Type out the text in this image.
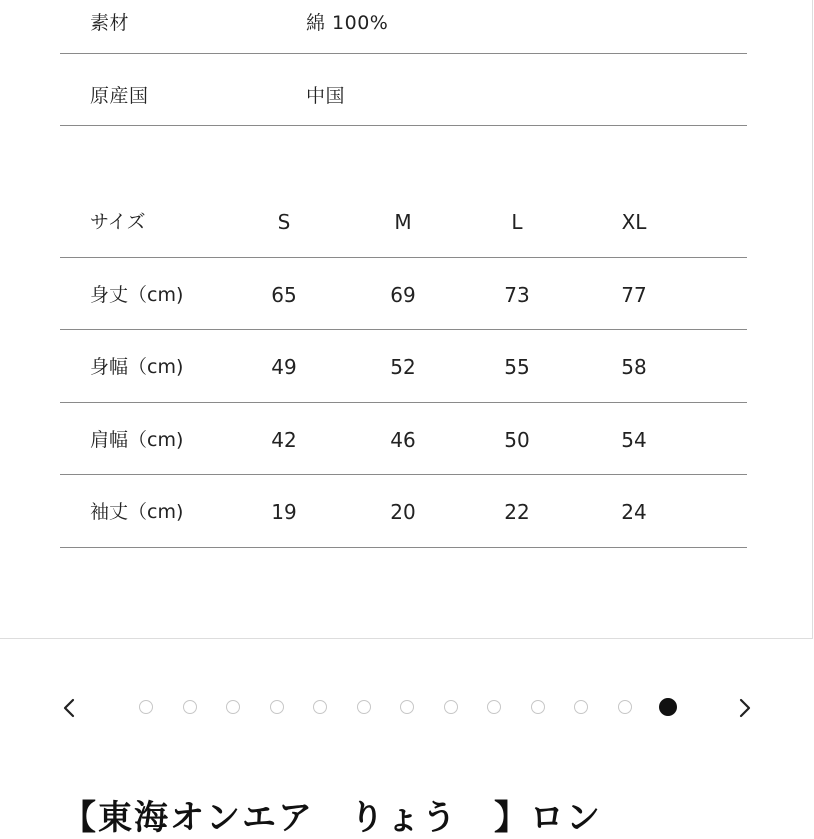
素材	綿 100%
原産国	中国
サイズ	S	M	L	XL
身丈（cm)	65	69	73	77
身幅（cm)	49	52	55	58
肩幅（cm)	42	46	50	54
袖丈（cm)	19	20	22	24
【東海オンエア　りょう　】ロン
